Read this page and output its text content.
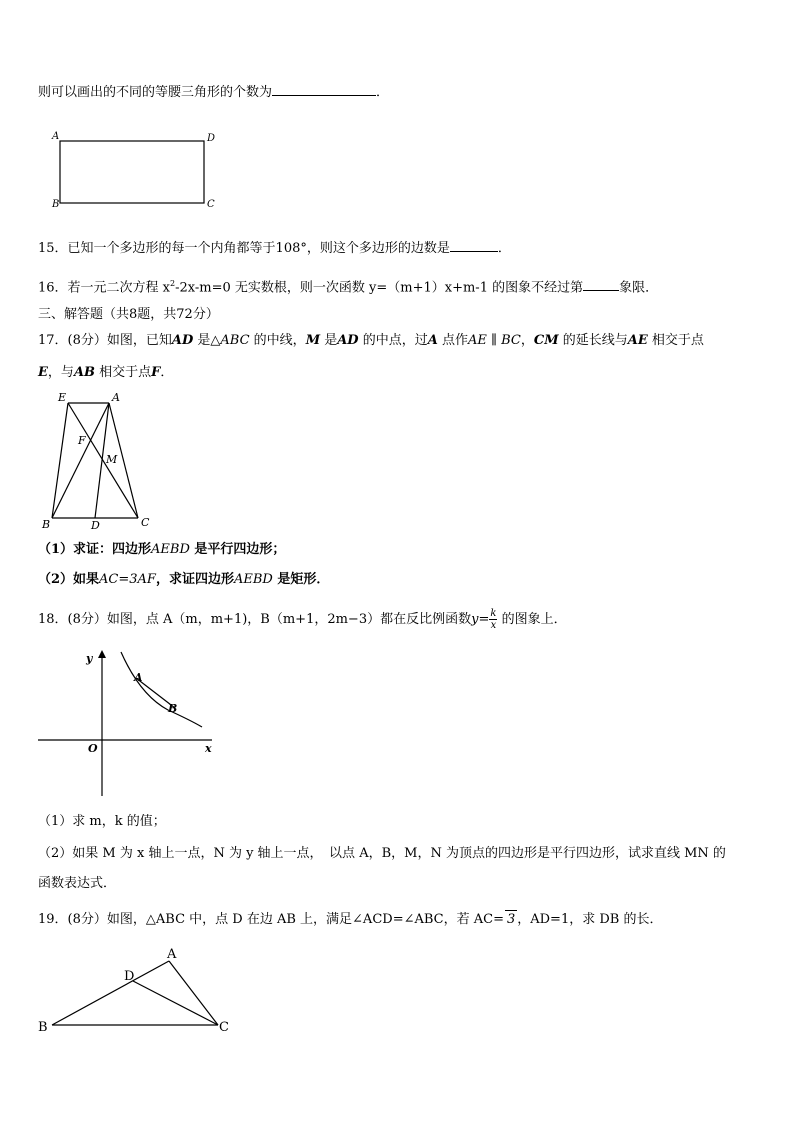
则可以画出的不同的等腰三角形的个数为	．
A	D
B	C
15．已知一个多边形的每一个内角都等于108°，则这个多边形的边数是	．
16．若一元二次方程 $x^2-2x-m=0$ 无实数根，则一次函数 y=（m+1）x+m-1 的图象不经过第	象限．
三、解答题（共8题，共72分）
17．(8分）如图，已知AD 是△ABC 的中线，M 是AD 的中点，过A 点作AE ∥ BC，CM 的延长线与AE 相交于点
E，与AB 相交于点F．
E	A
F
M
B	D	C
（1）求证：四边形AEBD 是平行四边形；
（2）如果AC=3AF，求证四边形AEBD 是矩形．
18．(8分）如图，点 A（m，m+1)，B（m+1，2m−3）都在反比例函数$y= \frac{k}{x}$ 的图象上．
y
x
O
A
B
（1）求 m，k 的值；
（2）如果 M 为 x 轴上一点，N 为 y 轴上一点，　以点 A，B，M，N 为顶点的四边形是平行四边形，试求直线 MN 的
函数表达式．
19．(8分）如图，△ABC 中，点 D 在边 AB 上，满足∠ACD=∠ABC，若 AC= 3 ，AD=1，求 DB 的长．
A
D
B	C
